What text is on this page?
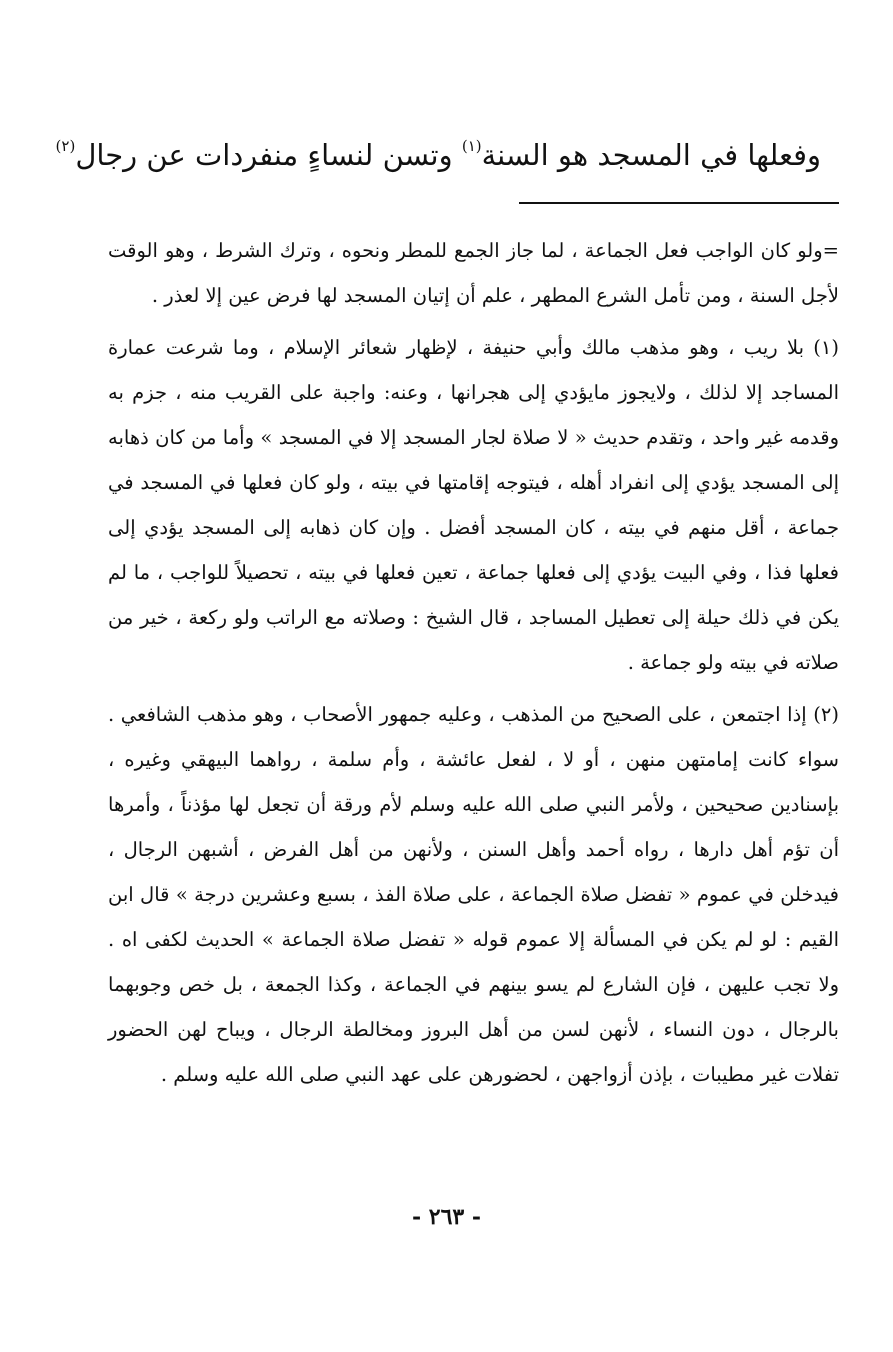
وفعلها في المسجد هو السنة$^{(١)}$ وتسن لنساءٍ منفردات عن رجال$^{(٢)}$

=ولو كان الواجب فعل الجماعة ، لما جاز الجمع للمطر ونحوه ، وترك الشرط ، وهو الوقت لأجل السنة ، ومن تأمل الشرع المطهر ، علم أن إتيان المسجد لها فرض عين إلا لعذر .

(١) بلا ريب ، وهو مذهب مالك وأبي حنيفة ، لإظهار شعائر الإسلام ، وما شرعت عمارة المساجد إلا لذلك ، ولايجوز مايؤدي إلى هجرانها ، وعنه: واجبة على القريب منه ، جزم به وقدمه غير واحد ، وتقدم حديث « لا صلاة لجار المسجد إلا في المسجد » وأما من كان ذهابه إلى المسجد يؤدي إلى انفراد أهله ، فيتوجه إقامتها في بيته ، ولو كان فعلها في المسجد في جماعة ، أقل منهم في بيته ، كان المسجد أفضل . وإن كان ذهابه إلى المسجد يؤدي إلى فعلها فذا ، وفي البيت يؤدي إلى فعلها جماعة ، تعين فعلها في بيته ، تحصيلاً للواجب ، ما لم يكن في ذلك حيلة إلى تعطيل المساجد ، قال الشيخ : وصلاته مع الراتب ولو ركعة ، خير من صلاته في بيته ولو جماعة .

(٢) إذا اجتمعن ، على الصحيح من المذهب ، وعليه جمهور الأصحاب ، وهو مذهب الشافعي . سواء كانت إمامتهن منهن ، أو لا ، لفعل عائشة ، وأم سلمة ، رواهما البيهقي وغيره ، بإسنادين صحيحين ، ولأمر النبي صلى الله عليه وسلم لأم ورقة أن تجعل لها مؤذناً ، وأمرها أن تؤم أهل دارها ، رواه أحمد وأهل السنن ، ولأنهن من أهل الفرض ، أشبهن الرجال ، فيدخلن في عموم « تفضل صلاة الجماعة ، على صلاة الفذ ، بسبع وعشرين درجة » قال ابن القيم : لو لم يكن في المسألة إلا عموم قوله « تفضل صلاة الجماعة » الحديث لكفى اه . ولا تجب عليهن ، فإن الشارع لم يسو بينهم في الجماعة ، وكذا الجمعة ، بل خص وجوبهما بالرجال ، دون النساء ، لأنهن لسن من أهل البروز ومخالطة الرجال ، ويباح لهن الحضور تفلات غير مطيبات ، بإذن أزواجهن ، لحضورهن على عهد النبي صلى الله عليه وسلم .

- ٢٦٣ -
